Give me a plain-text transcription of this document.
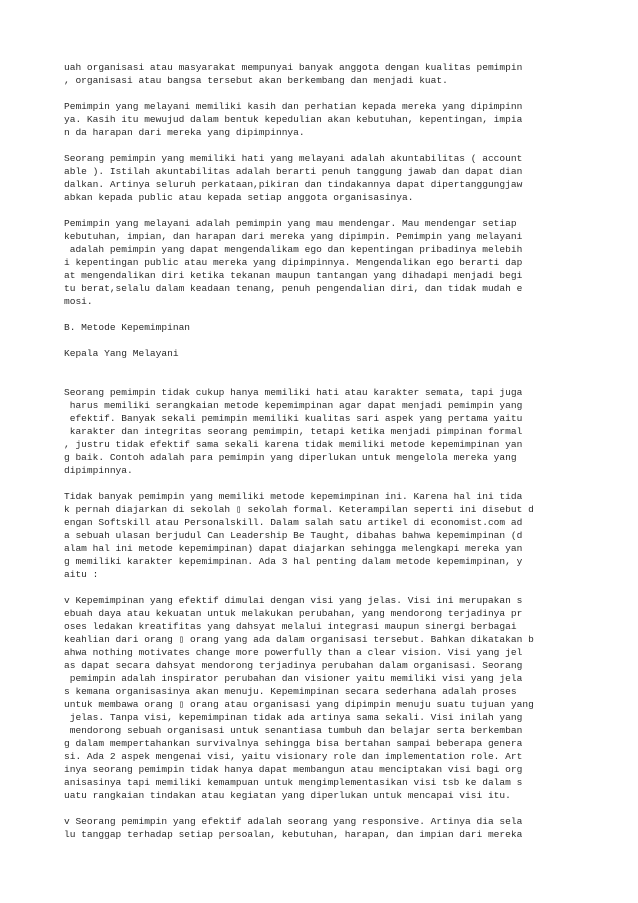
uah organisasi atau masyarakat mempunyai banyak anggota dengan kualitas pemimpin
, organisasi atau bangsa tersebut akan berkembang dan menjadi kuat.
Pemimpin yang melayani memiliki kasih dan perhatian kepada mereka yang dipimpinn
ya. Kasih itu mewujud dalam bentuk kepedulian akan kebutuhan, kepentingan, impia
n da harapan dari mereka yang dipimpinnya.
Seorang pemimpin yang memiliki hati yang melayani adalah akuntabilitas ( account
able ). Istilah akuntabilitas adalah berarti penuh tanggung jawab dan dapat dian
dalkan. Artinya seluruh perkataan,pikiran dan tindakannya dapat dipertanggungjaw
abkan kepada public atau kepada setiap anggota organisasinya.
Pemimpin yang melayani adalah pemimpin yang mau mendengar. Mau mendengar setiap
kebutuhan, impian, dan harapan dari mereka yang dipimpin. Pemimpin yang melayani
adalah pemimpin yang dapat mengendalikam ego dan kepentingan pribadinya melebih
i kepentingan public atau mereka yang dipimpinnya. Mengendalikan ego berarti dap
at mengendalikan diri ketika tekanan maupun tantangan yang dihadapi menjadi begi
tu berat,selalu dalam keadaan tenang, penuh pengendalian diri, dan tidak mudah e
mosi.
B. Metode Kepemimpinan
Kepala Yang Melayani
Seorang pemimpin tidak cukup hanya memiliki hati atau karakter semata, tapi juga
harus memiliki serangkaian metode kepemimpinan agar dapat menjadi pemimpin yang
efektif. Banyak sekali pemimpin memiliki kualitas sari aspek yang pertama yaitu
karakter dan integritas seorang pemimpin, tetapi ketika menjadi pimpinan formal
, justru tidak efektif sama sekali karena tidak memiliki metode kepemimpinan yan
g baik. Contoh adalah para pemimpin yang diperlukan untuk mengelola mereka yang
dipimpinnya.
Tidak banyak pemimpin yang memiliki metode kepemimpinan ini. Karena hal ini tida
k pernah diajarkan di sekolah ▯ sekolah formal. Keterampilan seperti ini disebut d
engan Softskill atau Personalskill. Dalam salah satu artikel di economist.com ad
a sebuah ulasan berjudul Can Leadership Be Taught, dibahas bahwa kepemimpinan (d
alam hal ini metode kepemimpinan) dapat diajarkan sehingga melengkapi mereka yan
g memiliki karakter kepemimpinan. Ada 3 hal penting dalam metode kepemimpinan, y
aitu :
v Kepemimpinan yang efektif dimulai dengan visi yang jelas. Visi ini merupakan s
ebuah daya atau kekuatan untuk melakukan perubahan, yang mendorong terjadinya pr
oses ledakan kreatifitas yang dahsyat melalui integrasi maupun sinergi berbagai
keahlian dari orang ▯ orang yang ada dalam organisasi tersebut. Bahkan dikatakan b
ahwa nothing motivates change more powerfully than a clear vision. Visi yang jel
as dapat secara dahsyat mendorong terjadinya perubahan dalam organisasi. Seorang
pemimpin adalah inspirator perubahan dan visioner yaitu memiliki visi yang jela
s kemana organisasinya akan menuju. Kepemimpinan secara sederhana adalah proses
untuk membawa orang ▯ orang atau organisasi yang dipimpin menuju suatu tujuan yang
jelas. Tanpa visi, kepemimpinan tidak ada artinya sama sekali. Visi inilah yang
mendorong sebuah organisasi untuk senantiasa tumbuh dan belajar serta berkemban
g dalam mempertahankan survivalnya sehingga bisa bertahan sampai beberapa genera
si. Ada 2 aspek mengenai visi, yaitu visionary role dan implementation role. Art
inya seorang pemimpin tidak hanya dapat membangun atau menciptakan visi bagi org
anisasinya tapi memiliki kemampuan untuk mengimplementasikan visi tsb ke dalam s
uatu rangkaian tindakan atau kegiatan yang diperlukan untuk mencapai visi itu.
v Seorang pemimpin yang efektif adalah seorang yang responsive. Artinya dia sela
lu tanggap terhadap setiap persoalan, kebutuhan, harapan, dan impian dari mereka
